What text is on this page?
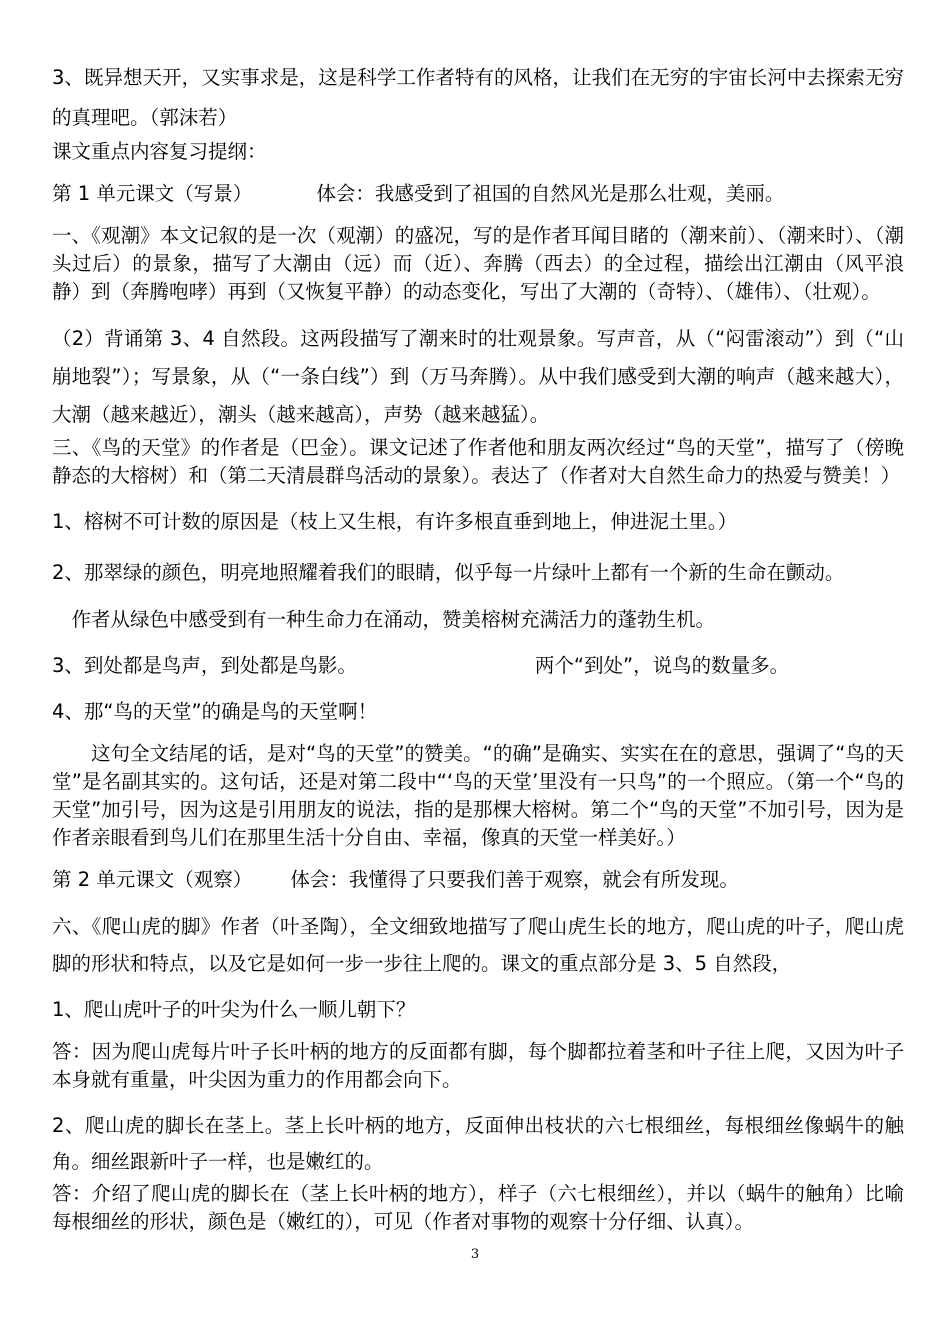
3、既异想天开，又实事求是，这是科学工作者特有的风格，让我们在无穷的宇宙长河中去探索无穷的真理吧。（郭沫若）

课文重点内容复习提纲：

第 1 单元课文（写景）	体会：我感受到了祖国的自然风光是那么壮观，美丽。

一、《观潮》本文记叙的是一次（观潮）的盛况，写的是作者耳闻目睹的（潮来前）、（潮来时）、（潮头过后）的景象，描写了大潮由（远）而（近）、奔腾（西去）的全过程，描绘出江潮由（风平浪静）到（奔腾咆哮）再到（又恢复平静）的动态变化，写出了大潮的（奇特）、（雄伟）、（壮观）。

（2）背诵第 3、4 自然段。这两段描写了潮来时的壮观景象。写声音，从（“闷雷滚动”）到（“山崩地裂”）；写景象，从（“一条白线”）到（万马奔腾）。从中我们感受到大潮的响声（越来越大），大潮（越来越近），潮头（越来越高），声势（越来越猛）。

三、《鸟的天堂》的作者是（巴金）。课文记述了作者他和朋友两次经过“鸟的天堂”，描写了（傍晚静态的大榕树）和（第二天清晨群鸟活动的景象）。表达了（作者对大自然生命力的热爱与赞美！）

1、榕树不可计数的原因是（枝上又生根，有许多根直垂到地上，伸进泥土里。）

2、那翠绿的颜色，明亮地照耀着我们的眼睛，似乎每一片绿叶上都有一个新的生命在颤动。

作者从绿色中感受到有一种生命力在涌动，赞美榕树充满活力的蓬勃生机。

3、到处都是鸟声，到处都是鸟影。	两个“到处”，说鸟的数量多。

4、那“鸟的天堂”的确是鸟的天堂啊！

这句全文结尾的话，是对“鸟的天堂”的赞美。“的确”是确实、实实在在的意思，强调了“鸟的天堂”是名副其实的。这句话，还是对第二段中“‘鸟的天堂’里没有一只鸟”的一个照应。（第一个“鸟的天堂”加引号，因为这是引用朋友的说法，指的是那棵大榕树。第二个“鸟的天堂”不加引号，因为是作者亲眼看到鸟儿们在那里生活十分自由、幸福，像真的天堂一样美好。）

第 2 单元课文（观察） 体会：我懂得了只要我们善于观察，就会有所发现。

六、《爬山虎的脚》作者（叶圣陶），全文细致地描写了爬山虎生长的地方，爬山虎的叶子，爬山虎脚的形状和特点，以及它是如何一步一步往上爬的。课文的重点部分是 3、5 自然段，

1、爬山虎叶子的叶尖为什么一顺儿朝下？

答：因为爬山虎每片叶子长叶柄的地方的反面都有脚，每个脚都拉着茎和叶子往上爬，又因为叶子本身就有重量，叶尖因为重力的作用都会向下。

2、爬山虎的脚长在茎上。茎上长叶柄的地方，反面伸出枝状的六七根细丝，每根细丝像蜗牛的触角。细丝跟新叶子一样，也是嫩红的。

答：介绍了爬山虎的脚长在（茎上长叶柄的地方），样子（六七根细丝），并以（蜗牛的触角）比喻每根细丝的形状，颜色是（嫩红的），可见（作者对事物的观察十分仔细、认真）。

3
